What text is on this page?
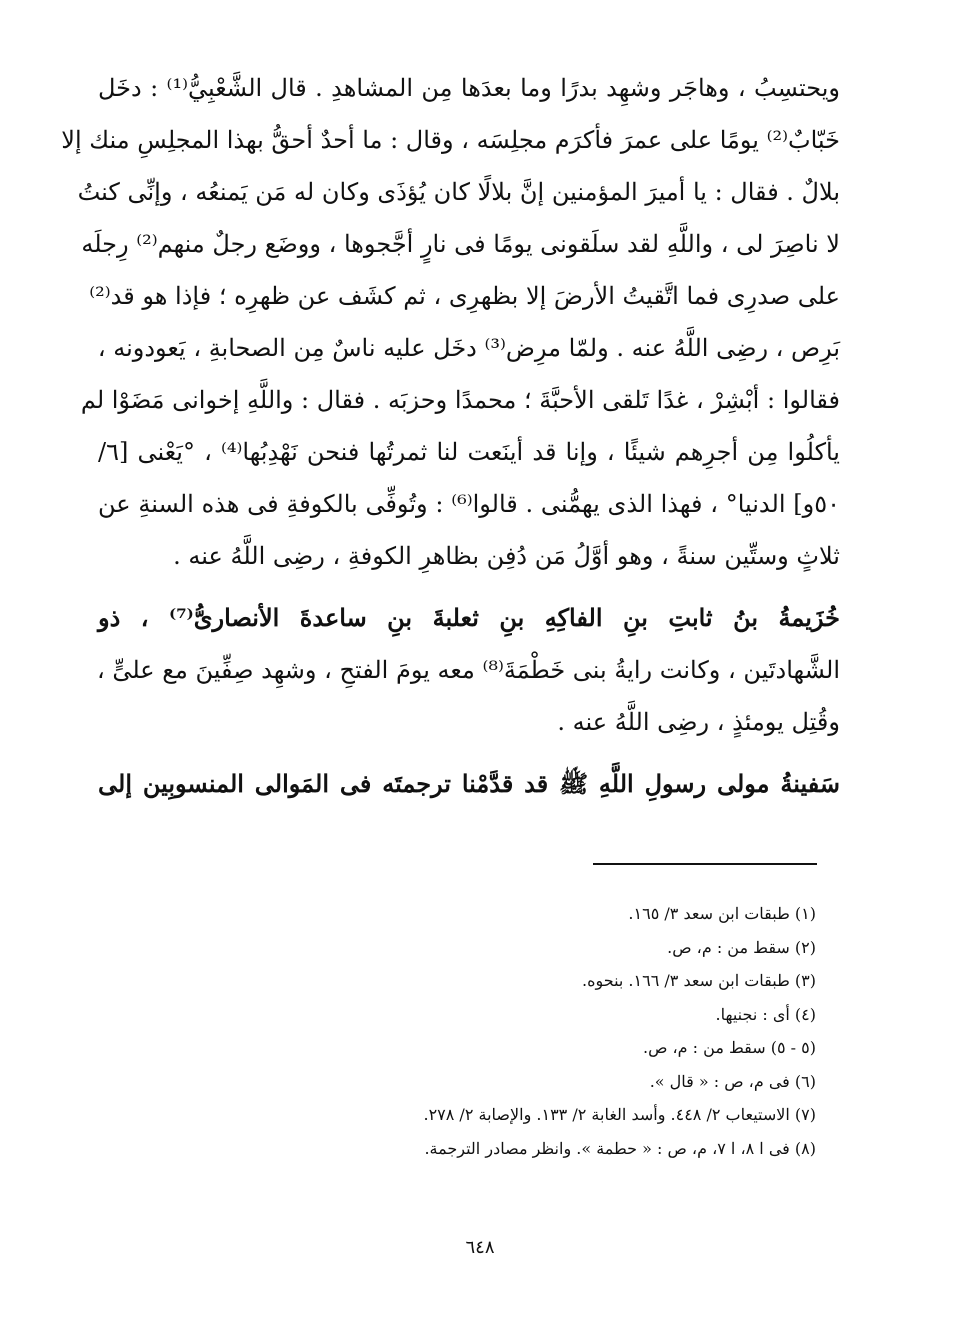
ويحتسِبُ ، وهاجَر وشهِد بدرًا وما بعدَها مِن المشاهدِ . قال الشَّعْبِيُّ⁽¹⁾ : دخَل
خَبّابٌ⁽²⁾ يومًا على عمرَ فأكرَم مجلِسَه ، وقال : ما أحدٌ أحقُّ بهذا المجلِسِ منك إلا
بلالٌ . فقال : يا أميرَ المؤمنين إنَّ بلالًا كان يُؤذَى وكان له مَن يَمنعُه ، وإنِّى كنتُ
لا ناصِرَ لى ، واللَّهِ لقد سلَقونى يومًا فى نارٍ أجَّجوها ، ووضَع رجلٌ منهم⁽²⁾ رِجلَه
على صدرِى فما اتَّقيتُ الأرضَ إلا بظهرِى ، ثم كشَف عن ظهرِه ؛ فإذا هو قد⁽²⁾
بَرِص ، رضِى اللَّهُ عنه . ولمّا مرِض⁽³⁾ دخَل عليه ناسٌ مِن الصحابةِ ، يَعودونه ،
فقالوا : أبْشِرْ ، غدًا تَلقى الأحبَّةَ ؛ محمدًا وحزبَه . فقال : واللَّهِ إخوانى مَضَوْا لم
يأكلُوا مِن أجرِهم شيئًا ، وإنا قد أينَعت لنا ثمرتُها فنحن نَهْدِبُها⁽⁴⁾ ، °يَعْنى [٦/
٥٠و] الدنيا° ، فهذا الذى يهمُّنى . قالوا⁽⁶⁾ : وتُوفِّى بالكوفةِ فى هذه السنةِ عن
ثلاثٍ وستِّين سنةً ، وهو أوَّلُ مَن دُفِن بظاهرِ الكوفةِ ، رضِى اللَّهُ عنه .
خُزَيمةُ بنُ ثابتِ بنِ الفاكِهِ بنِ ثعلبةَ بنِ ساعدةَ الأنصارىُّ⁽⁷⁾ ، ذو
الشَّهادتَين ، وكانت رايةُ بنى خَطْمَةَ⁽⁸⁾ معه يومَ الفتحِ ، وشهِد صِفِّينَ مع علىٍّ ،
وقُتِل يومئذٍ ، رضِى اللَّهُ عنه .
سَفينةُ مولى رسولِ اللَّهِ ﷺ قد قدَّمْنا ترجمتَه فى المَوالى المنسوبِين إلى
(١) طبقات ابن سعد ٣/ ١٦٥.
(٢) سقط من : م، ص.
(٣) طبقات ابن سعد ٣/ ١٦٦. بنحوه.
(٤) أى : نجنيها.
(٥ - ٥) سقط من : م، ص.
(٦) فى م، ص : « قال ».
(٧) الاستيعاب ٢/ ٤٤٨. وأسد الغابة ٢/ ١٣٣. والإصابة ٢/ ٢٧٨.
(٨) فى ا ٨، ا ٧، م، ص : « حطمة ». وانظر مصادر الترجمة.
٦٤٨
